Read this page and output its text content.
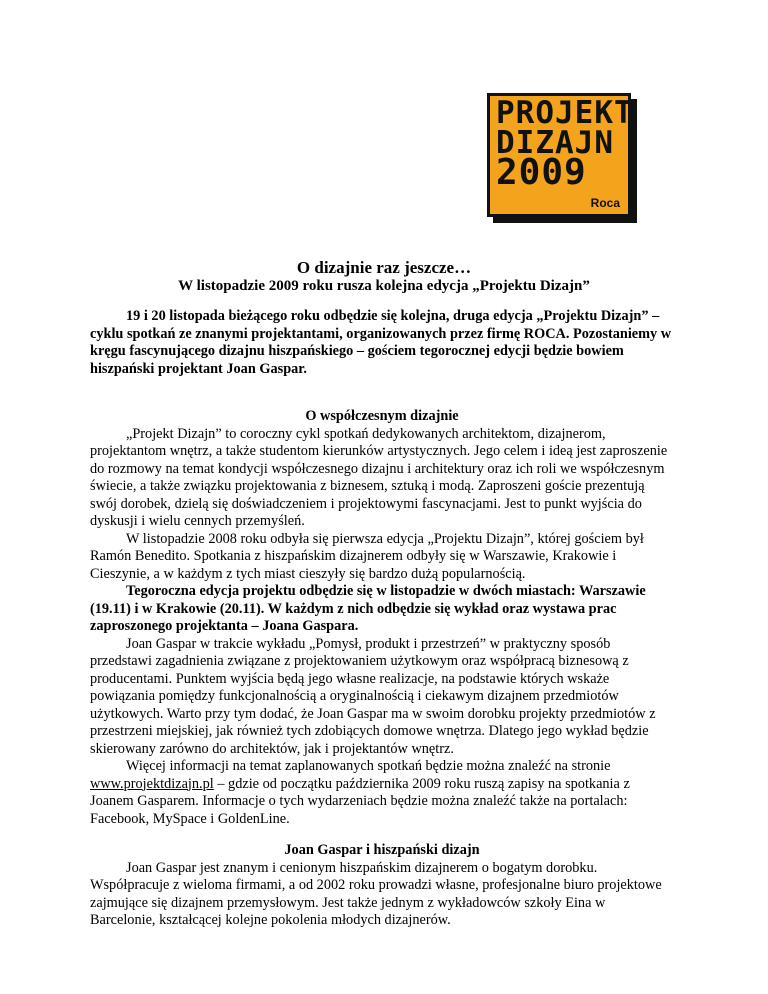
PROJEKT
DIZAJN
2009
Roca
O dizajnie raz jeszcze…
W listopadzie 2009 roku rusza kolejna edycja „Projektu Dizajn”

19 i 20 listopada bieżącego roku odbędzie się kolejna, druga edycja „Projektu Dizajn” – cyklu spotkań ze znanymi projektantami, organizowanych przez firmę ROCA. Pozostaniemy w kręgu fascynującego dizajnu hiszpańskiego – gościem tegorocznej edycji będzie bowiem hiszpański projektant Joan Gaspar.

O współczesnym dizajnie

„Projekt Dizajn” to coroczny cykl spotkań dedykowanych architektom, dizajnerom, projektantom wnętrz, a także studentom kierunków artystycznych. Jego celem i ideą jest zaproszenie do rozmowy na temat kondycji współczesnego dizajnu i architektury oraz ich roli we współczesnym świecie, a także związku projektowania z biznesem, sztuką i modą. Zaproszeni goście prezentują swój dorobek, dzielą się doświadczeniem i projektowymi fascynacjami. Jest to punkt wyjścia do dyskusji i wielu cennych przemyśleń.

W listopadzie 2008 roku odbyła się pierwsza edycja „Projektu Dizajn”, której gościem był Ramón Benedito. Spotkania z hiszpańskim dizajnerem odbyły się w Warszawie, Krakowie i Cieszynie, a w każdym z tych miast cieszyły się bardzo dużą popularnością.

Tegoroczna edycja projektu odbędzie się w listopadzie w dwóch miastach: Warszawie (19.11) i w Krakowie (20.11). W każdym z nich odbędzie się wykład oraz wystawa prac zaproszonego projektanta – Joana Gaspara.

Joan Gaspar w trakcie wykładu „Pomysł, produkt i przestrzeń” w praktyczny sposób przedstawi zagadnienia związane z projektowaniem użytkowym oraz współpracą biznesową z producentami. Punktem wyjścia będą jego własne realizacje, na podstawie których wskaże powiązania pomiędzy funkcjonalnością a oryginalnością i ciekawym dizajnem przedmiotów użytkowych. Warto przy tym dodać, że Joan Gaspar ma w swoim dorobku projekty przedmiotów z przestrzeni miejskiej, jak również tych zdobiących domowe wnętrza. Dlatego jego wykład będzie skierowany zarówno do architektów, jak i projektantów wnętrz.

Więcej informacji na temat zaplanowanych spotkań będzie można znaleźć na stronie www.projektdizajn.pl – gdzie od początku października 2009 roku ruszą zapisy na spotkania z Joanem Gasparem. Informacje o tych wydarzeniach będzie można znaleźć także na portalach: Facebook, MySpace i GoldenLine.

Joan Gaspar i hiszpański dizajn

Joan Gaspar jest znanym i cenionym hiszpańskim dizajnerem o bogatym dorobku. Współpracuje z wieloma firmami, a od 2002 roku prowadzi własne, profesjonalne biuro projektowe zajmujące się dizajnem przemysłowym. Jest także jednym z wykładowców szkoły Eina w Barcelonie, kształcącej kolejne pokolenia młodych dizajnerów.
